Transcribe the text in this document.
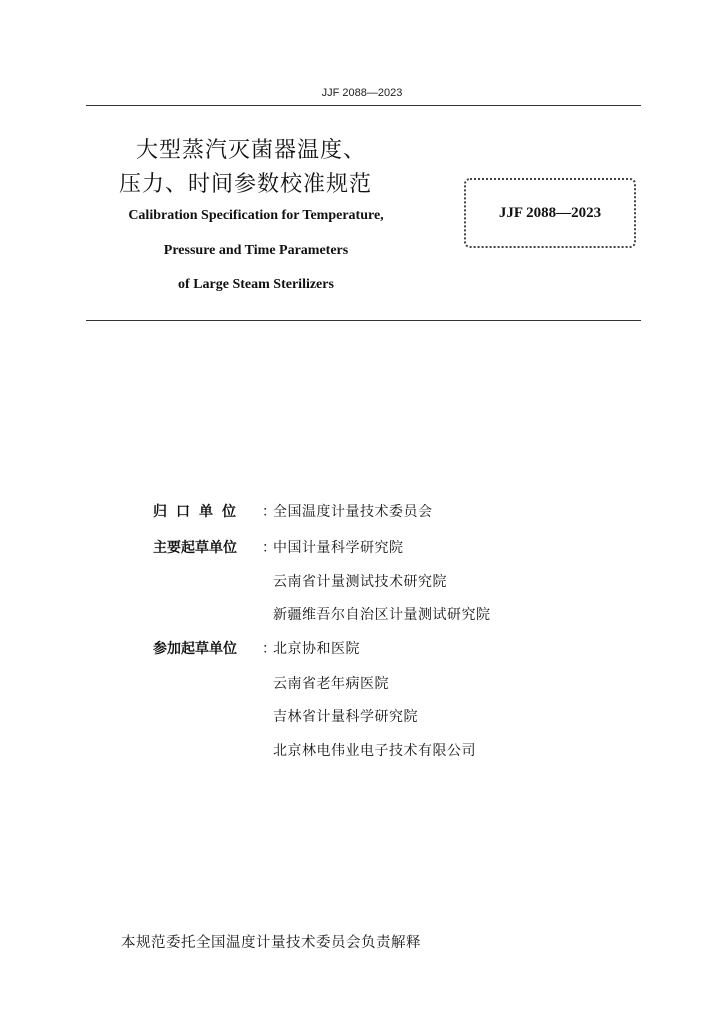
JJF 2088—2023
大型蒸汽灭菌器温度、
压力、时间参数校准规范
Calibration Specification for Temperature,
Pressure and Time Parameters
of Large Steam Sterilizers
JJF 2088—2023
归口单位	：
全国温度计量技术委员会
主要起草单位	：
中国计量科学研究院
云南省计量测试技术研究院
新疆维吾尔自治区计量测试研究院
参加起草单位	：
北京协和医院
云南省老年病医院
吉林省计量科学研究院
北京林电伟业电子技术有限公司
本规范委托全国温度计量技术委员会负责解释
